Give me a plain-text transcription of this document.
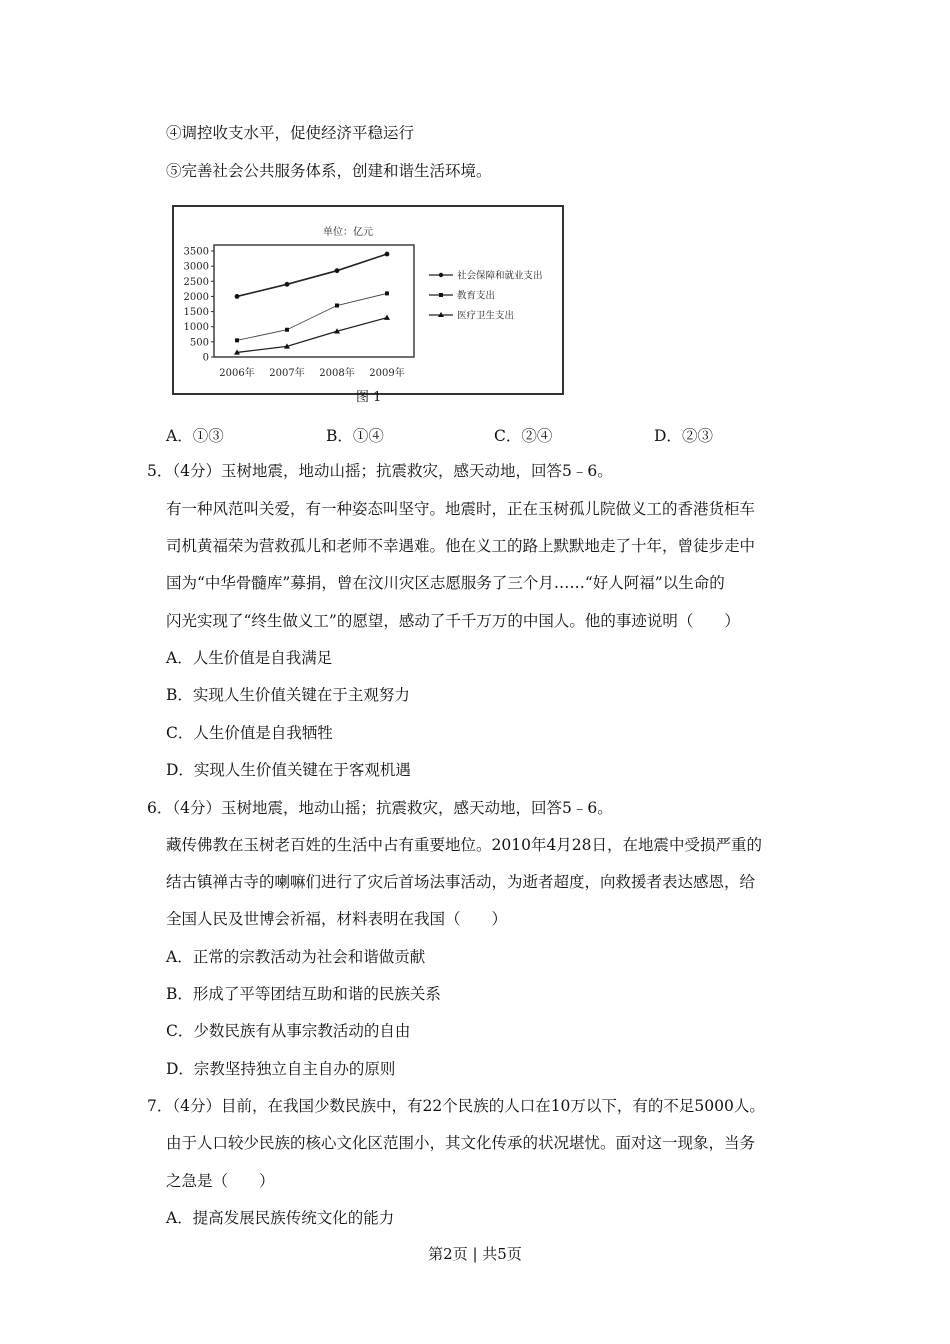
④调控收支水平，促使经济平稳运行
⑤完善社会公共服务体系，创建和谐生活环境。
单位：亿元
0
500
1000
1500
2000
2500
3000
3500
2006年 2007年 2008年 2009年
社会保障和就业支出
教育支出
医疗卫生支出
图 1
A．①③	B．①④	C．②④	D．②③
5．（4分）玉树地震，地动山摇；抗震救灾，感天动地，回答5﹣6。
有一种风范叫关爱，有一种姿态叫坚守。地震时，正在玉树孤儿院做义工的香港货柜车
司机黄福荣为营救孤儿和老师不幸遇难。他在义工的路上默默地走了十年，曾徒步走中
国为“中华骨髓库”募捐，曾在汶川灾区志愿服务了三个月……“好人阿福”以生命的
闪光实现了“终生做义工”的愿望，感动了千千万万的中国人。他的事迹说明（　　）
A．人生价值是自我满足
B．实现人生价值关键在于主观努力
C．人生价值是自我牺牲
D．实现人生价值关键在于客观机遇
6．（4分）玉树地震，地动山摇；抗震救灾，感天动地，回答5﹣6。
藏传佛教在玉树老百姓的生活中占有重要地位。2010年4月28日，在地震中受损严重的
结古镇禅古寺的喇嘛们进行了灾后首场法事活动，为逝者超度，向救援者表达感恩，给
全国人民及世博会祈福，材料表明在我国（　　）
A．正常的宗教活动为社会和谐做贡献
B．形成了平等团结互助和谐的民族关系
C．少数民族有从事宗教活动的自由
D．宗教坚持独立自主自办的原则
7．（4分）目前，在我国少数民族中，有22个民族的人口在10万以下，有的不足5000人。
由于人口较少民族的核心文化区范围小，其文化传承的状况堪忧。面对这一现象，当务
之急是（　　）
A．提高发展民族传统文化的能力
第2页 | 共5页
